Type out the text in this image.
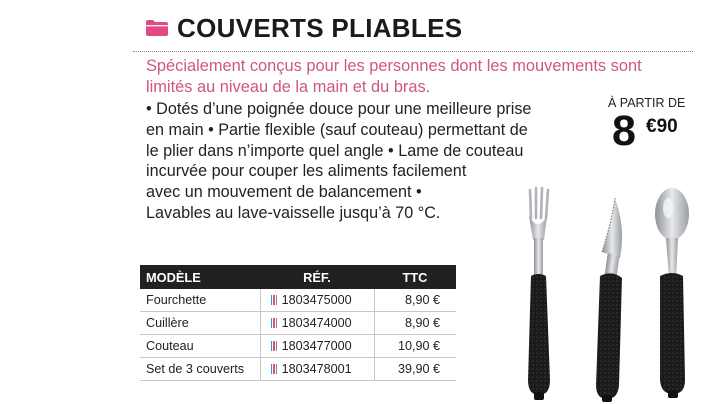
COUVERTS PLIABLES
Spécialement conçus pour les personnes dont les mouvements sont limités au niveau de la main et du bras.
• Dotés d’une poignée douce pour une meilleure prise
en main • Partie flexible (sauf couteau) permettant de
le plier dans n’importe quel angle • Lame de couteau
incurvée pour couper les aliments facilement
avec un mouvement de balancement •
Lavables au lave-vaisselle jusqu’à 70 °C.
À PARTIR DE
8 €90
MODÈLE	RÉF.	TTC
Fourchette	1803475000	8,90 €
Cuillère	1803474000	8,90 €
Couteau	1803477000	10,90 €
Set de 3 couverts	1803478001	39,90 €
